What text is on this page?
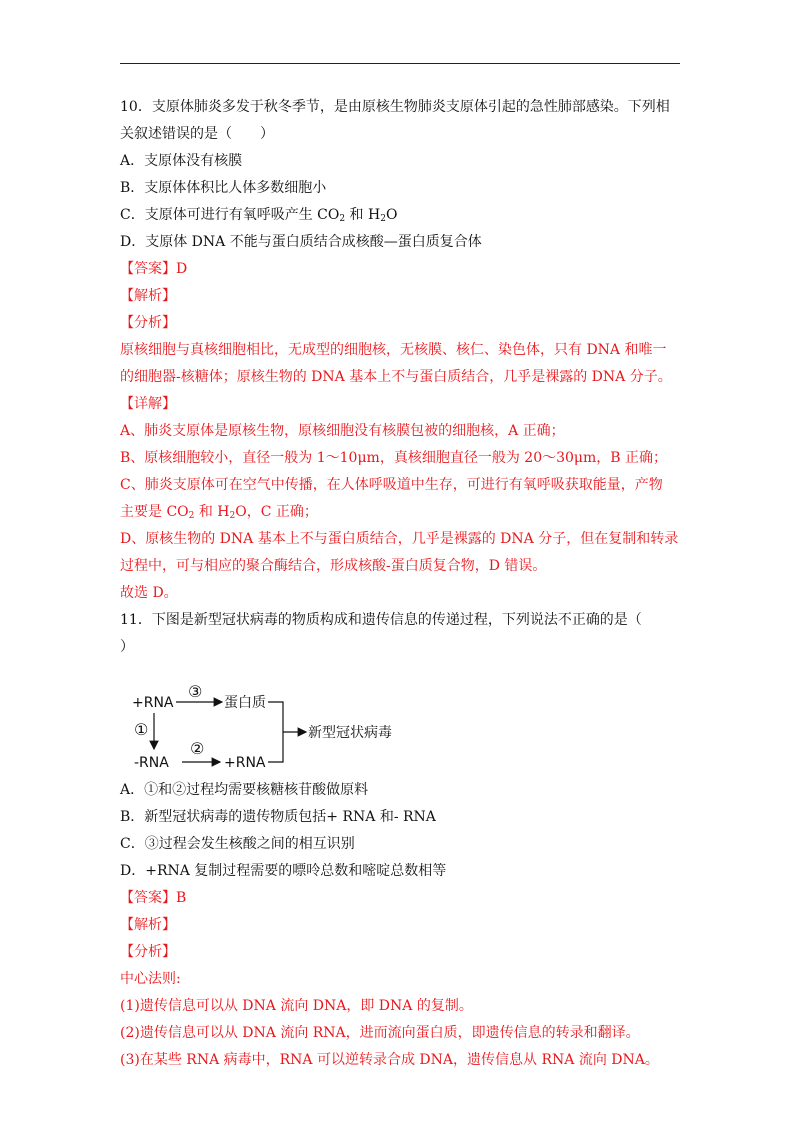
10．支原体肺炎多发于秋冬季节，是由原核生物肺炎支原体引起的急性肺部感染。下列相
关叙述错误的是（　　）
A．支原体没有核膜
B．支原体体积比人体多数细胞小
C．支原体可进行有氧呼吸产生 $CO_2$ 和 $H_2O$
D．支原体 DNA 不能与蛋白质结合成核酸—蛋白质复合体
【答案】D
【解析】
【分析】
原核细胞与真核细胞相比，无成型的细胞核，无核膜、核仁、染色体，只有 DNA 和唯一
的细胞器-核糖体；原核生物的 DNA 基本上不与蛋白质结合，几乎是裸露的 DNA 分子。
【详解】
A、肺炎支原体是原核生物，原核细胞没有核膜包被的细胞核，A 正确；
B、原核细胞较小，直径一般为 1～10μm，真核细胞直径一般为 20～30μm，B 正确；
C、肺炎支原体可在空气中传播，在人体呼吸道中生存，可进行有氧呼吸获取能量，产物
主要是 $CO_2$ 和 $H_2O$，C 正确；
D、原核生物的 DNA 基本上不与蛋白质结合，几乎是裸露的 DNA 分子，但在复制和转录
过程中，可与相应的聚合酶结合，形成核酸-蛋白质复合物，D 错误。
故选 D。
11．下图是新型冠状病毒的物质构成和遗传信息的传递过程，下列说法不正确的是（
）
+RNA
③
蛋白质
①
-RNA
②
+RNA
新型冠状病毒
A．①和②过程均需要核糖核苷酸做原料
B．新型冠状病毒的遗传物质包括+ RNA 和- RNA
C．③过程会发生核酸之间的相互识别
D．+RNA 复制过程需要的嘌呤总数和嘧啶总数相等
【答案】B
【解析】
【分析】
中心法则:
(1)遗传信息可以从 DNA 流向 DNA，即 DNA 的复制。
(2)遗传信息可以从 DNA 流向 RNA，进而流向蛋白质，即遗传信息的转录和翻译。
(3)在某些 RNA 病毒中，RNA 可以逆转录合成 DNA，遗传信息从 RNA 流向 DNA。
